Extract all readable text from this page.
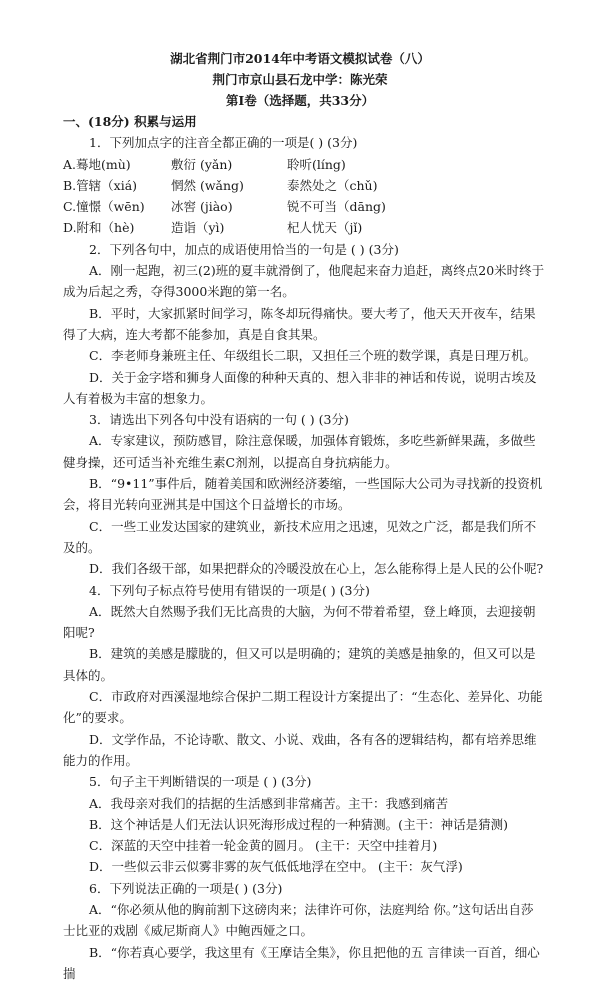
湖北省荆门市2014年中考语文模拟试卷（八）
荆门市京山县石龙中学：陈光荣
第Ⅰ卷（选择题，共33分）
一、(18分) 积累与运用
1．下列加点字的注音全都正确的一项是( ) (3分)
A.蓦地(mù)	敷衍 (yǎn)	聆听(líng)
B.管辖（xiá)	惘然 (wǎng)	泰然处之（chǔ)
C.憧憬（wēn) 冰窖 (jiào)	锐不可当（dāng)
D.附和（hè)	造诣（yì)	杞人忧天（jǐ)
2．下列各句中，加点的成语使用恰当的一句是 ( ) (3分)
A．刚一起跑，初三(2)班的夏丰就滑倒了，他爬起来奋力追赶，离终点20米时终于成为后起之秀，夺得3000米跑的第一名。
B．平时，大家抓紧时间学习，陈冬却玩得痛快。要大考了，他天天开夜车，结果得了大病，连大考都不能参加，真是自食其果。
C．李老师身兼班主任、年级组长二职，又担任三个班的数学课，真是日理万机。
D．关于金字塔和狮身人面像的种种天真的、想入非非的神话和传说，说明古埃及人有着极为丰富的想象力。
3．请选出下列各句中没有语病的一句 ( ) (3分)
A．专家建议，预防感冒，除注意保暖，加强体育锻炼，多吃些新鲜果蔬，多做些健身操，还可适当补充维生素C剂剂，以提高自身抗病能力。
B．“9•11”事件后，随着美国和欧洲经济萎缩，一些国际大公司为寻找新的投资机会，将目光转向亚洲其是中国这个日益增长的市场。
C．一些工业发达国家的建筑业，新技术应用之迅速，见效之广泛，都是我们所不及的。
D．我们各级干部，如果把群众的冷暖没放在心上，怎么能称得上是人民的公仆呢?
4．下列句子标点符号使用有错误的一项是( ) (3分)
A．既然大自然赐予我们无比高贵的大脑，为何不带着希望，登上峰顶，去迎接朝阳呢?
B．建筑的美感是朦胧的，但又可以是明确的；建筑的美感是抽象的，但又可以是具体的。
C．市政府对西溪湿地综合保护二期工程设计方案提出了：“生态化、差异化、功能化”的要求。
D．文学作品，不论诗歌、散文、小说、戏曲，各有各的逻辑结构，都有培养思维能力的作用。
5．句子主干判断错误的一项是 ( ) (3分)
A．我母亲对我们的拮据的生活感到非常痛苦。主干：我感到痛苦
B．这个神话是人们无法认识死海形成过程的一种猜测。(主干：神话是猜测)
C．深蓝的天空中挂着一轮金黄的圆月。 (主干：天空中挂着月)
D．一些似云非云似雾非雾的灰气低低地浮在空中。 (主干：灰气浮)
6．下列说法正确的一项是( ) (3分)
A．“你必须从他的胸前割下这磅肉来；法律许可你，法庭判给 你。”这句话出自莎士比亚的戏剧《威尼斯商人》中鲍西娅之口。
B．“你若真心要学，我这里有《王摩诘全集》，你且把他的五 言律读一百首，细心揣
